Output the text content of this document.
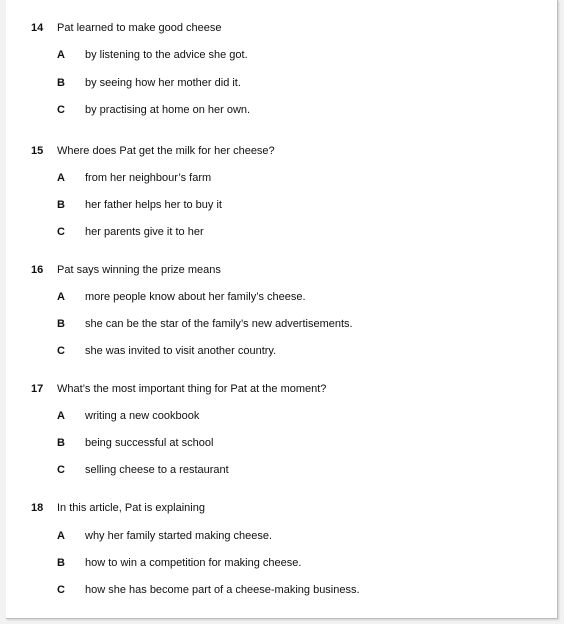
14 Pat learned to make good cheese
A by listening to the advice she got.
B by seeing how her mother did it.
C by practising at home on her own.
15 Where does Pat get the milk for her cheese?
A from her neighbour’s farm
B her father helps her to buy it
C her parents give it to her
16 Pat says winning the prize means
A more people know about her family’s cheese.
B she can be the star of the family’s new advertisements.
C she was invited to visit another country.
17 What’s the most important thing for Pat at the moment?
A writing a new cookbook
B being successful at school
C selling cheese to a restaurant
18 In this article, Pat is explaining
A why her family started making cheese.
B how to win a competition for making cheese.
C how she has become part of a cheese-making business.
